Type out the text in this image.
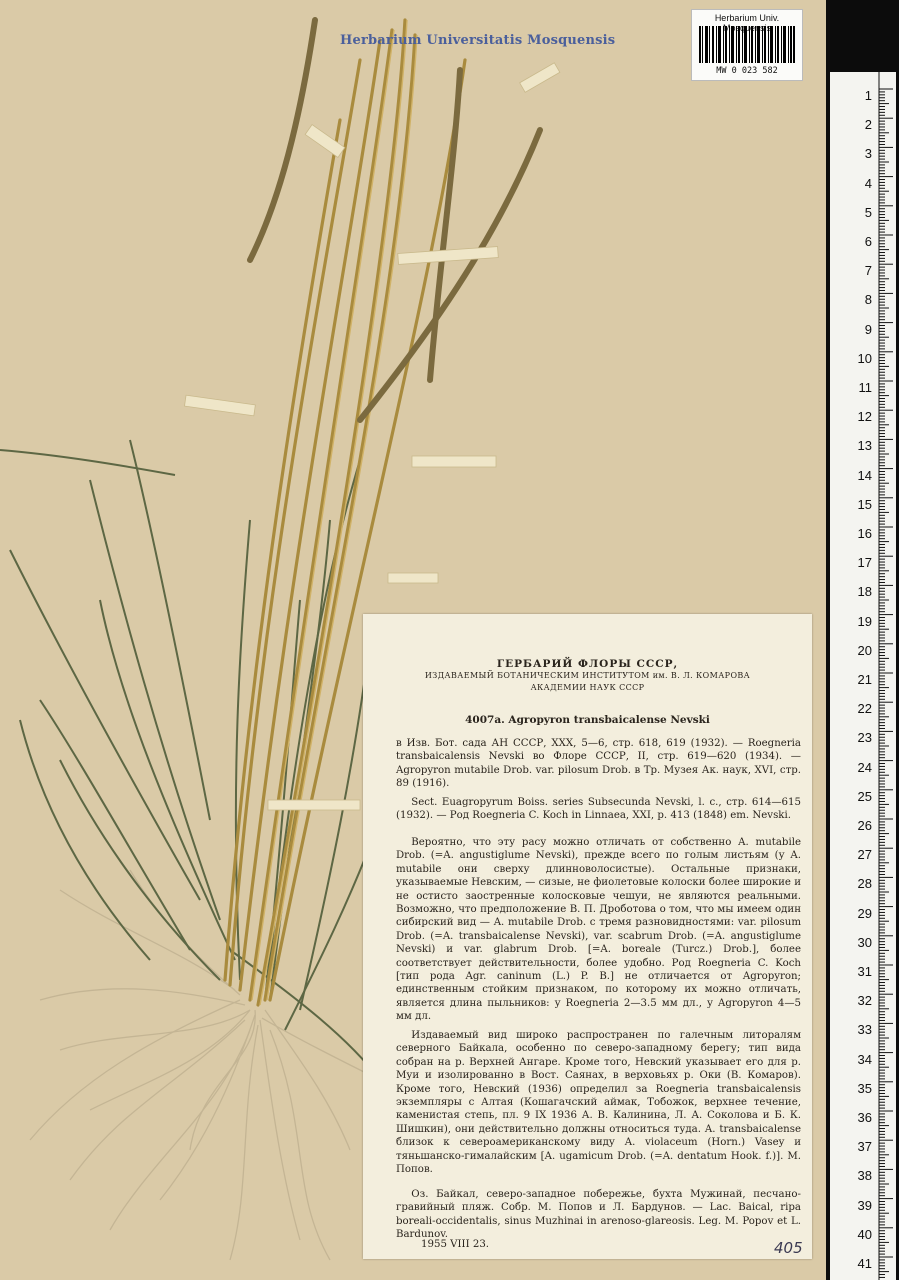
Herbarium Universitatis Mosquensis
Herbarium Univ.
MW 0 023 582
1
2
3
4
5
6
7
8
9
10
11
12
13
14
15
16
17
18
19
20
21
22
23
24
25
26
27
28
29
30
31
32
33
34
35
36
37
38
39
40
41
ГЕРБАРИЙ ФЛОРЫ СССР,
ИЗДАВАЕМЫЙ БОТАНИЧЕСКИМ ИНСТИТУТОМ им. В. Л. КОМАРОВА
АКАДЕМИИ НАУК СССР
4007a. Agropyron transbaicalense Nevski
в Изв. Бот. сада АН СССР, XXX, 5—6, стр. 618, 619 (1932). — Roegneria transbaicalensis Nevski во Флоре СССР, II, стр. 619—620 (1934). — Agropyron mutabile Drob. var. pilosum Drob. в Тр. Музея Ак. наук, XVI, стр. 89 (1916).
Sect. Euagropyrum Boiss. series Subsecunda Nevski, l. c., стр. 614—615 (1932). — Род Roegneria C. Koch in Linnaea, XXI, p. 413 (1848) em. Nevski.
Вероятно, что эту расу можно отличать от собственно A. mutabile Drob. (=A. angustiglume Nevski), прежде всего по голым листьям (у A. mutabile они сверху длинноволосистые). Остальные признаки, указываемые Невским, — сизые, не фиолетовые колоски более широкие и не остисто заостренные колосковые чешуи, не являются реальными. Возможно, что предположение В. П. Дроботова о том, что мы имеем один сибирский вид — A. mutabile Drob. с тремя разновидностями: var. pilosum Drob. (=A. transbaicalense Nevski), var. scabrum Drob. (=A. angustiglume Nevski) и var. glabrum Drob. [=A. boreale (Turcz.) Drob.], более соответствует действительности, более удобно. Род Roegneria C. Koch [тип рода Agr. caninum (L.) P. B.] не отличается от Agropyron; единственным стойким признаком, по которому их можно отличать, является длина пыльников: у Roegneria 2—3.5 мм дл., у Agropyron 4—5 мм дл.
Издаваемый вид широко распространен по галечным литоралям северного Байкала, особенно по северо-западному берегу; тип вида собран на р. Верхней Ангаре. Кроме того, Невский указывает его для р. Муи и изолированно в Вост. Саянах, в верховьях р. Оки (В. Комаров). Кроме того, Невский (1936) определил за Roegneria transbaicalensis экземпляры с Алтая (Кошагачский аймак, Тобожок, верхнее течение, каменистая степь, пл. 9 IX 1936 А. В. Калинина, Л. А. Соколова и Б. К. Шишкин), они действительно должны относиться туда. A. transbaicalense близок к североамериканскому виду A. violaceum (Horn.) Vasey и тяньшанско-гималайским [A. ugamicum Drob. (=A. dentatum Hook. f.)]. М. Попов.
Оз. Байкал, северо-западное побережье, бухта Мужинай, песчано-гравийный пляж. Собр. М. Попов и Л. Бардунов. — Lac. Baical, ripa boreali-occidentalis, sinus Muzhinai in arenoso-glareosis. Leg. M. Popov et L. Bardunov.
1955 VIII 23.	405
